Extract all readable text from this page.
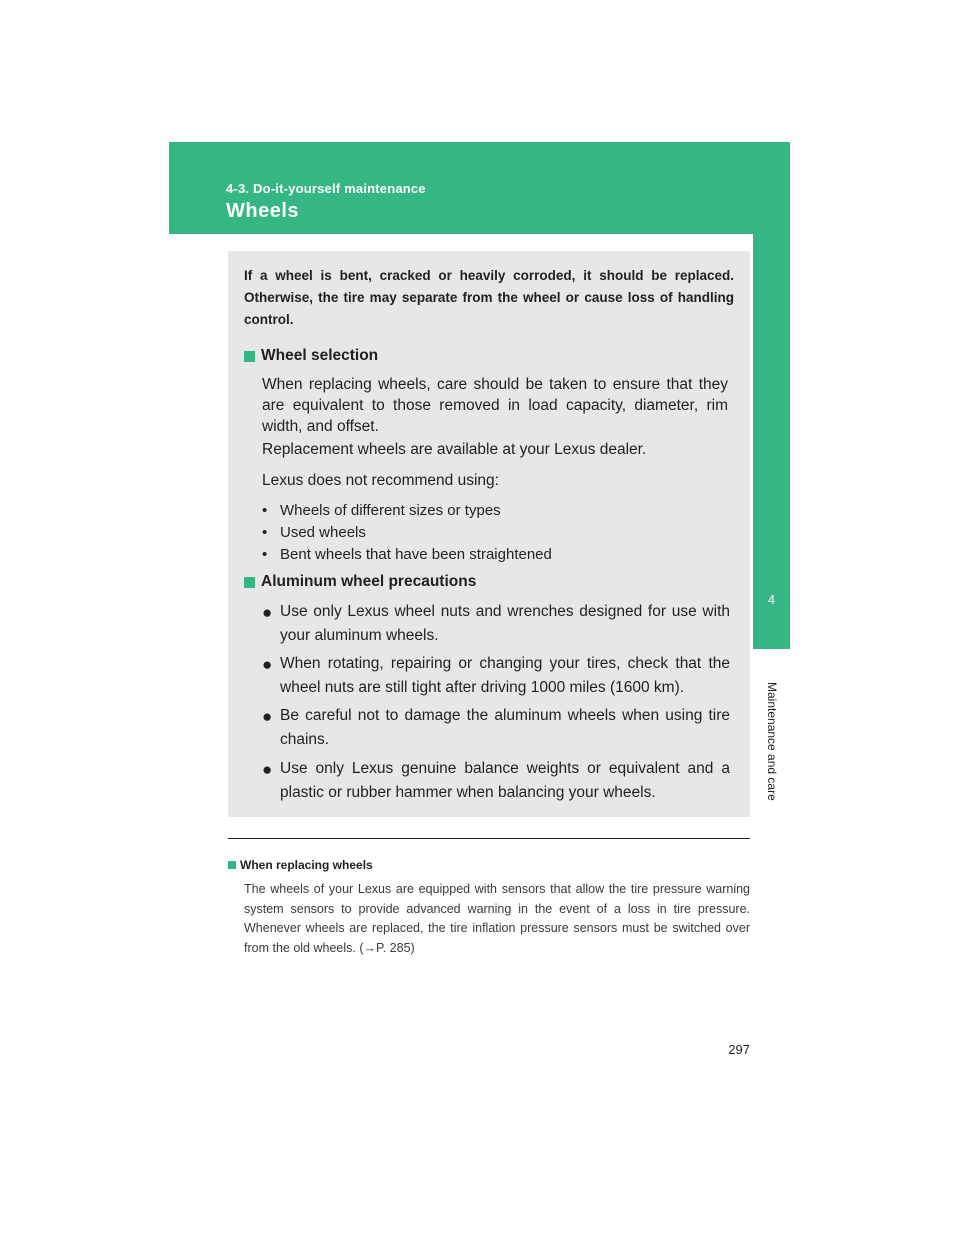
4-3. Do-it-yourself maintenance
Wheels
4

If a wheel is bent, cracked or heavily corroded, it should be replaced. Otherwise, the tire may separate from the wheel or cause loss of handling control.

Wheel selection

When replacing wheels, care should be taken to ensure that they are equivalent to those removed in load capacity, diameter, rim width, and offset.

Replacement wheels are available at your Lexus dealer.

Lexus does not recommend using:

• Wheels of different sizes or types
• Used wheels
• Bent wheels that have been straightened
Aluminum wheel precautions
● Use only Lexus wheel nuts and wrenches designed for use with your aluminum wheels.
● When rotating, repairing or changing your tires, check that the wheel nuts are still tight after driving 1000 miles (1600 km).
● Be careful not to damage the aluminum wheels when using tire chains.
● Use only Lexus genuine balance weights or equivalent and a plastic or rubber hammer when balancing your wheels.
When replacing wheels

The wheels of your Lexus are equipped with sensors that allow the tire pressure warning system sensors to provide advanced warning in the event of a loss in tire pressure. Whenever wheels are replaced, the tire inflation pressure sensors must be switched over from the old wheels. (→P. 285)

297
